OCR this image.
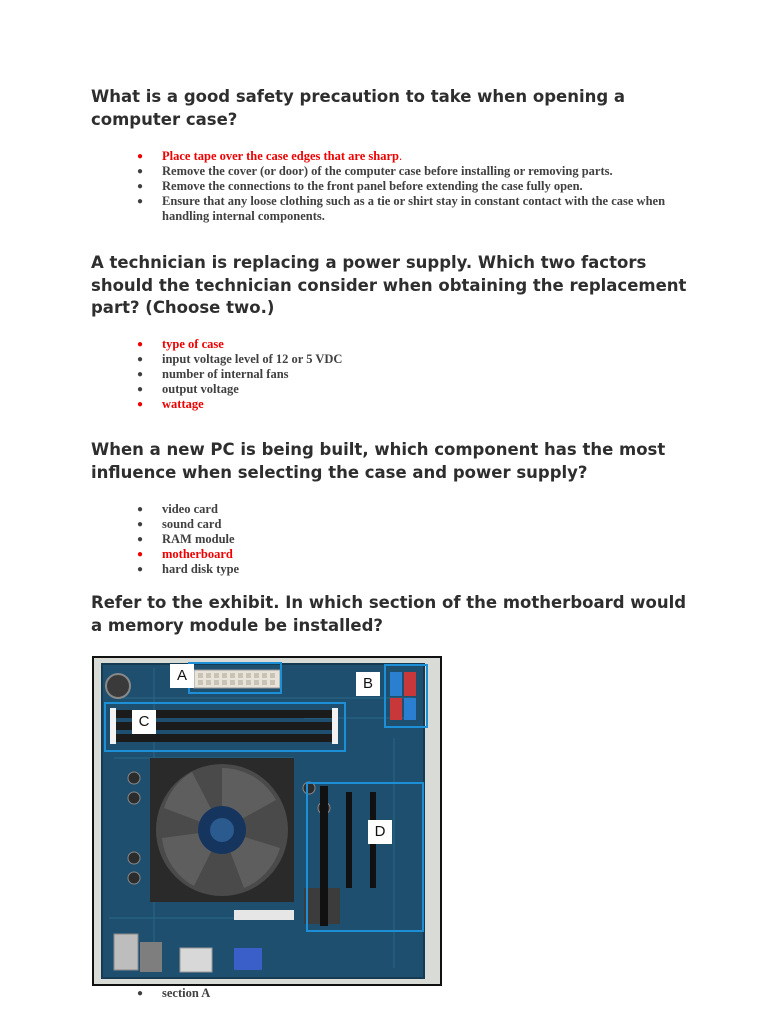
What is a good safety precaution to take when opening a computer case?
● Place tape over the case edges that are sharp.
● Remove the cover (or door) of the computer case before installing or removing parts.
● Remove the connections to the front panel before extending the case fully open.
● Ensure that any loose clothing such as a tie or shirt stay in constant contact with the case when handling internal components.
A technician is replacing a power supply. Which two factors should the technician consider when obtaining the replacement part? (Choose two.)
● type of case
● input voltage level of 12 or 5 VDC
● number of internal fans
● output voltage
● wattage
When a new PC is being built, which component has the most influence when selecting the case and power supply?
● video card
● sound card
● RAM module
● motherboard
● hard disk type
Refer to the exhibit. In which section of the motherboard would a memory module be installed?
A	B
C
D
● section A
